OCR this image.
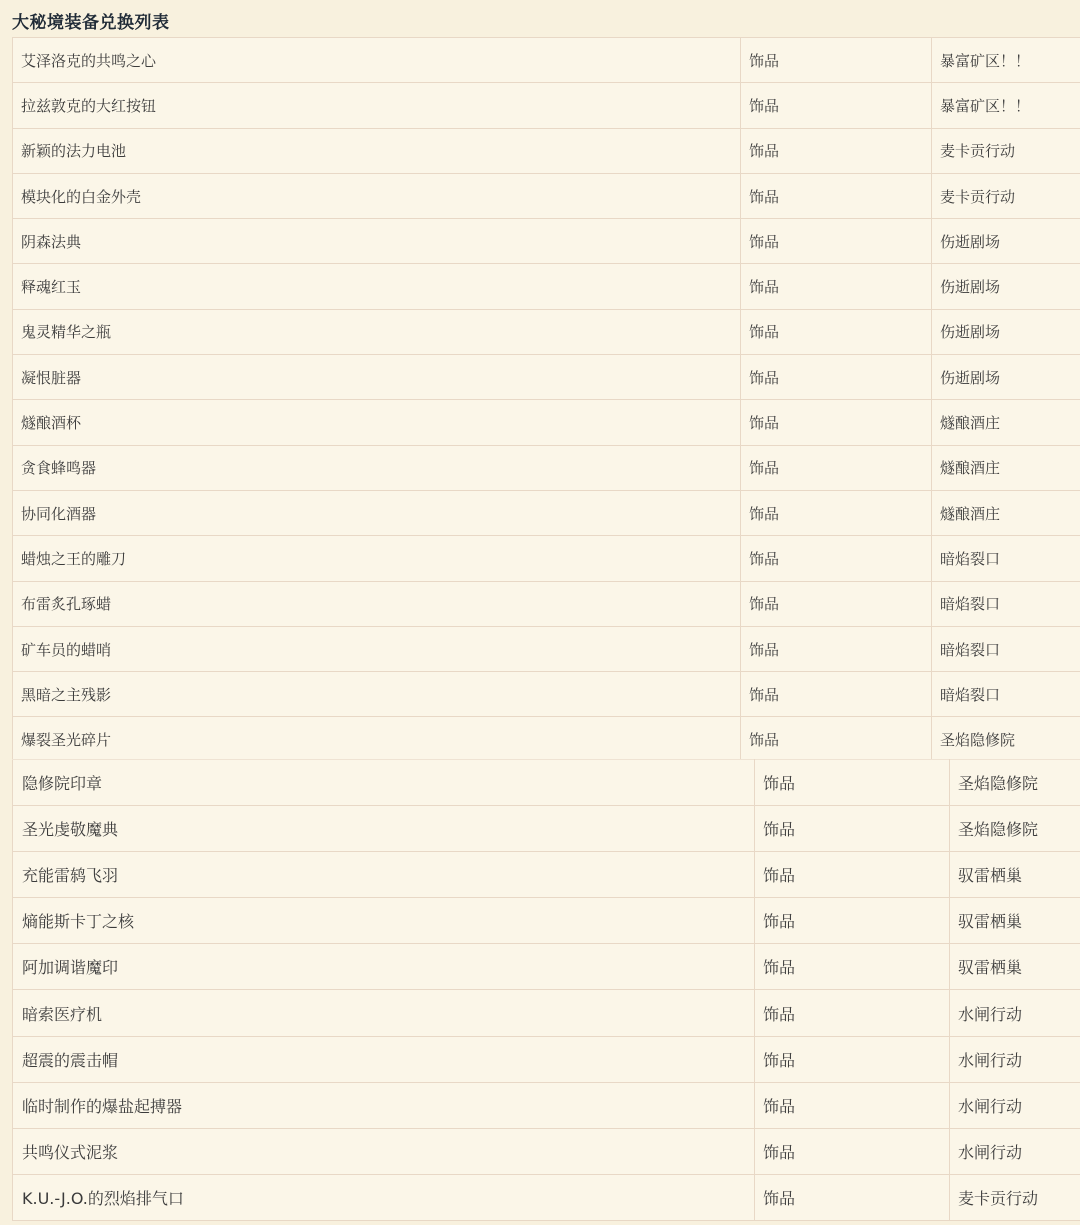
大秘境装备兑换列表
艾泽洛克的共鸣之心	饰品	暴富矿区！！
拉兹敦克的大红按钮	饰品	暴富矿区！！
新颖的法力电池	饰品	麦卡贡行动
模块化的白金外壳	饰品	麦卡贡行动
阴森法典	饰品	伤逝剧场
释魂红玉	饰品	伤逝剧场
鬼灵精华之瓶	饰品	伤逝剧场
凝恨脏器	饰品	伤逝剧场
燧酿酒杯	饰品	燧酿酒庄
贪食蜂鸣器	饰品	燧酿酒庄
协同化酒器	饰品	燧酿酒庄
蜡烛之王的雕刀	饰品	暗焰裂口
布雷炙孔琢蜡	饰品	暗焰裂口
矿车员的蜡哨	饰品	暗焰裂口
黑暗之主残影	饰品	暗焰裂口
爆裂圣光碎片	饰品	圣焰隐修院
隐修院印章	饰品	圣焰隐修院
圣光虔敬魔典	饰品	圣焰隐修院
充能雷鸫飞羽	饰品	驭雷栖巢
熵能斯卡丁之核	饰品	驭雷栖巢
阿加调谐魔印	饰品	驭雷栖巢
暗索医疗机	饰品	水闸行动
超震的震击帽	饰品	水闸行动
临时制作的爆盐起搏器	饰品	水闸行动
共鸣仪式泥浆	饰品	水闸行动
K.U.-J.O.的烈焰排气口	饰品	麦卡贡行动
